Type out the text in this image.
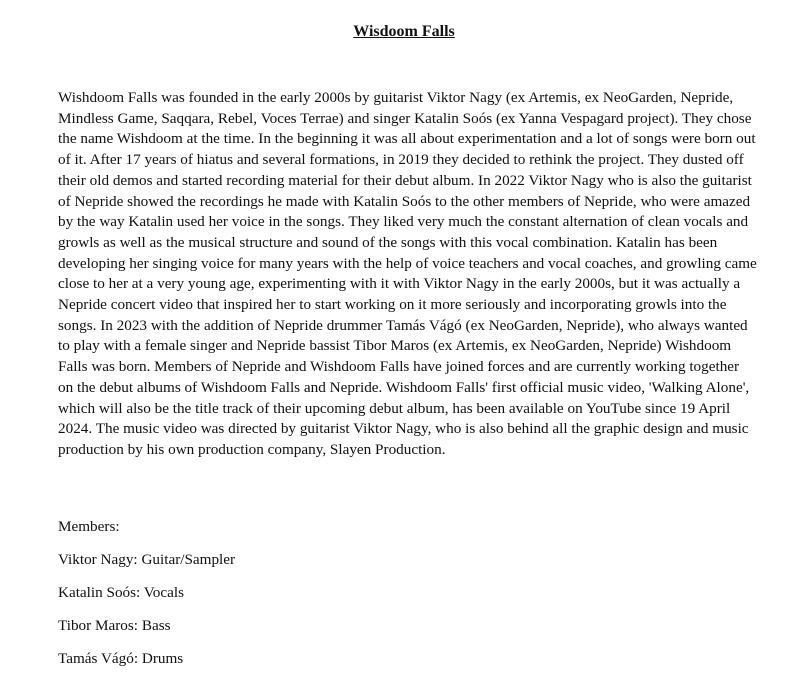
Wisdoom Falls

Wishdoom Falls was founded in the early 2000s by guitarist Viktor Nagy (ex Artemis, ex NeoGarden, Nepride, Mindless Game, Saqqara, Rebel, Voces Terrae) and singer Katalin Soós (ex Yanna Vespagard project). They chose the name Wishdoom at the time. In the beginning it was all about experimentation and a lot of songs were born out of it. After 17 years of hiatus and several formations, in 2019 they decided to rethink the project. They dusted off their old demos and started recording material for their debut album. In 2022 Viktor Nagy who is also the guitarist of Nepride showed the recordings he made with Katalin Soós to the other members of Nepride, who were amazed by the way Katalin used her voice in the songs. They liked very much the constant alternation of clean vocals and growls as well as the musical structure and sound of the songs with this vocal combination. Katalin has been developing her singing voice for many years with the help of voice teachers and vocal coaches, and growling came close to her at a very young age, experimenting with it with Viktor Nagy in the early 2000s, but it was actually a Nepride concert video that inspired her to start working on it more seriously and incorporating growls into the songs. In 2023 with the addition of Nepride drummer Tamás Vágó (ex NeoGarden, Nepride), who always wanted to play with a female singer and Nepride bassist Tibor Maros (ex Artemis, ex NeoGarden, Nepride) Wishdoom Falls was born. Members of Nepride and Wishdoom Falls have joined forces and are currently working together on the debut albums of Wishdoom Falls and Nepride. Wishdoom Falls' first official music video, 'Walking Alone', which will also be the title track of their upcoming debut album, has been available on YouTube since 19 April 2024. The music video was directed by guitarist Viktor Nagy, who is also behind all the graphic design and music production by his own production company, Slayen Production.

Members:
Viktor Nagy: Guitar/Sampler
Katalin Soós: Vocals
Tibor Maros: Bass
Tamás Vágó: Drums
